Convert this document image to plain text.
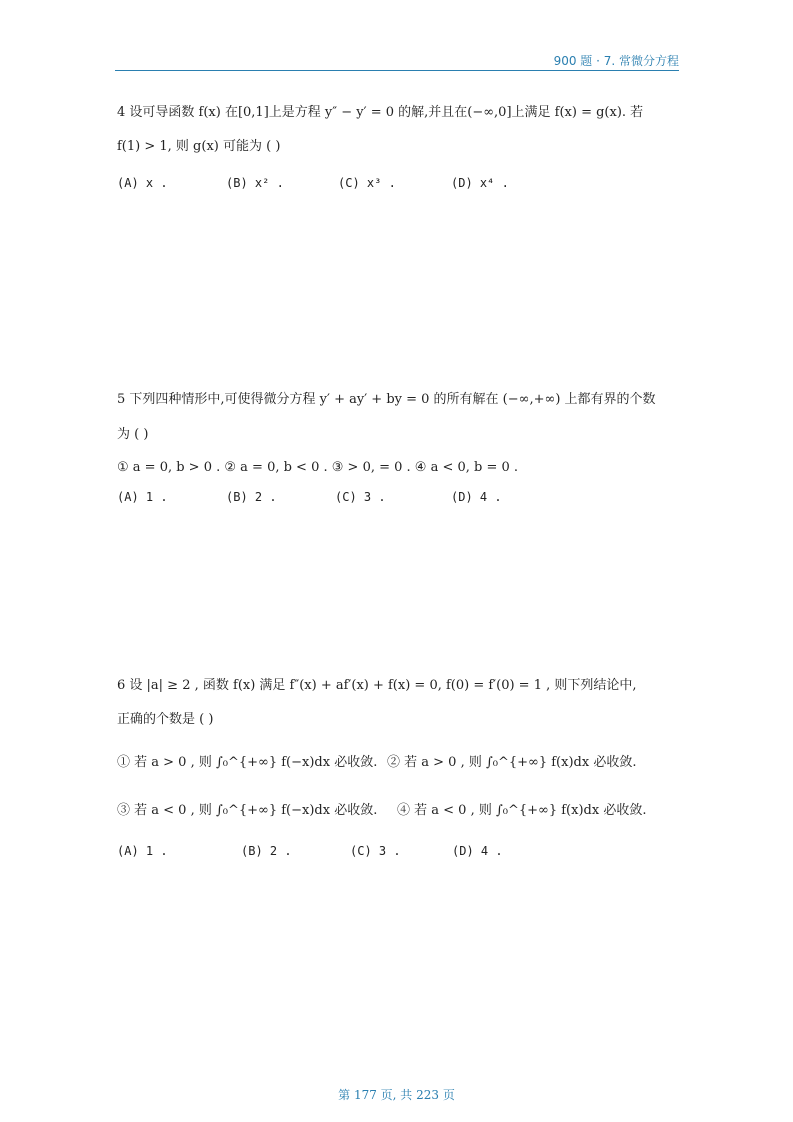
900 题 · 7. 常微分方程
4 设可导函数 f(x) 在[0,1]上是方程 y″ − y′ = 0 的解,并且在(−∞,0]上满足 f(x) = g(x). 若
f(1) > 1, 则 g(x) 可能为 ( )
(A) x .	(B) x² .	(C) x³ .	(D) x⁴ .
5 下列四种情形中,可使得微分方程 y′ + ay′ + by = 0 的所有解在 (−∞,+∞) 上都有界的个数
为 ( )
① a = 0, b > 0 . ② a = 0, b < 0 . ③ > 0, = 0 . ④ a < 0, b = 0 .
(A) 1 .	(B) 2 .	(C) 3 .	(D) 4 .
6 设 |a| ≥ 2 , 函数 f(x) 满足 f″(x) + af′(x) + f(x) = 0, f(0) = f′(0) = 1 , 则下列结论中,
正确的个数是 ( )
① 若 a > 0 , 则 ∫₀^{+∞} f(−x)dx 必收敛. ② 若 a > 0 , 则 ∫₀^{+∞} f(x)dx 必收敛.
③ 若 a < 0 , 则 ∫₀^{+∞} f(−x)dx 必收敛. ④ 若 a < 0 , 则 ∫₀^{+∞} f(x)dx 必收敛.
(A) 1 .	(B) 2 .	(C) 3 .	(D) 4 .
第 177 页, 共 223 页
